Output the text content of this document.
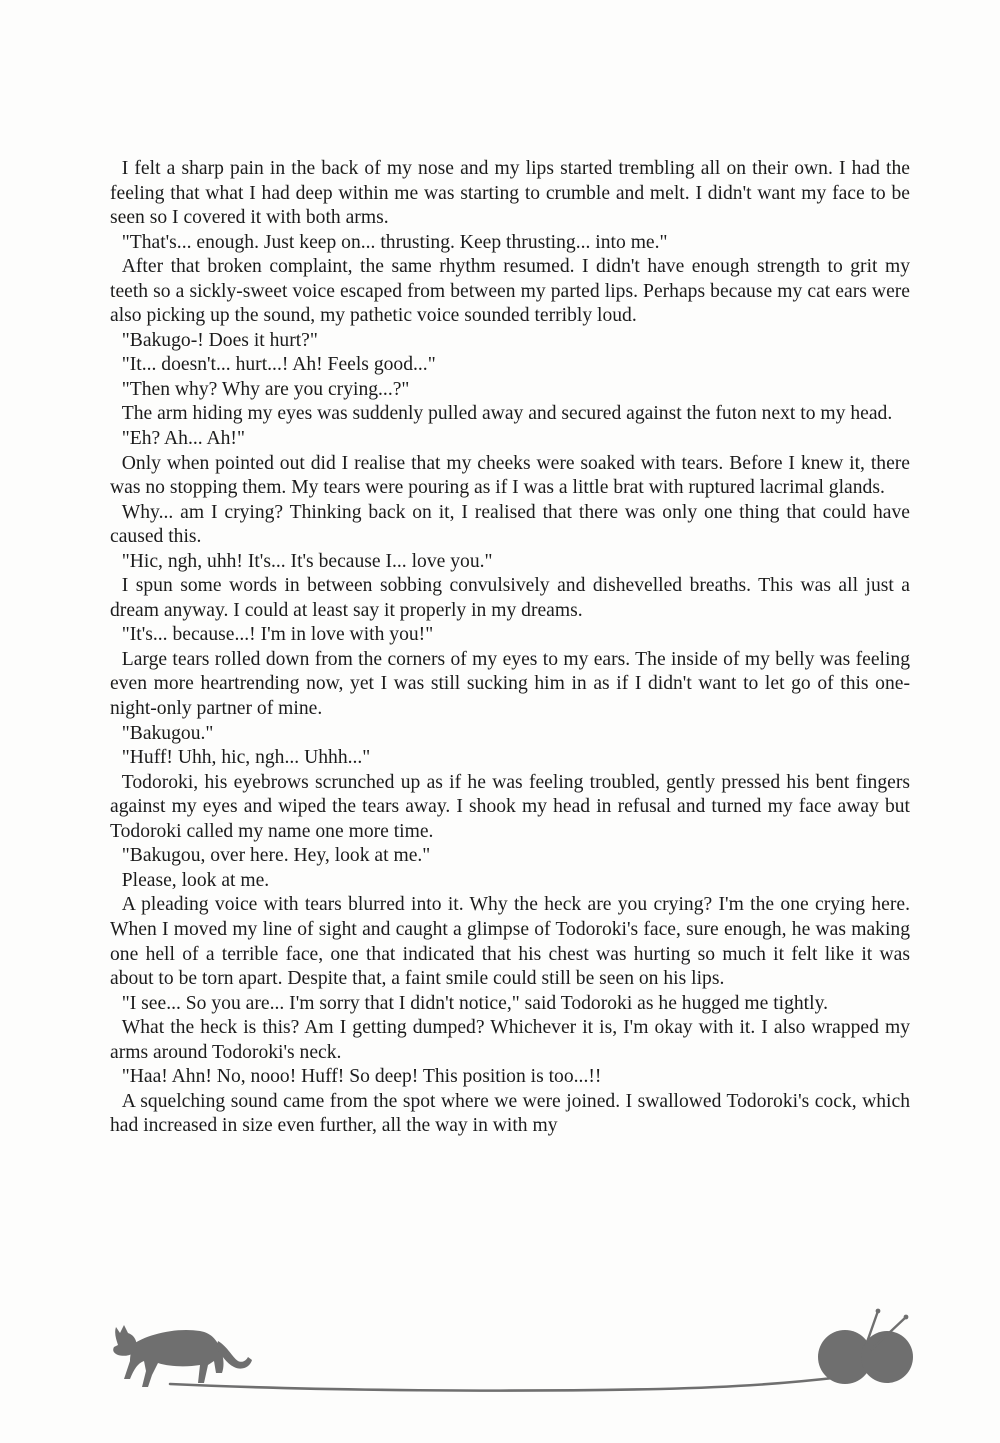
I felt a sharp pain in the back of my nose and my lips started trembling all on their own. I had the feeling that what I had deep within me was starting to crumble and melt. I didn't want my face to be seen so I covered it with both arms.

"That's... enough. Just keep on... thrusting. Keep thrusting... into me."

After that broken complaint, the same rhythm resumed. I didn't have enough strength to grit my teeth so a sickly-sweet voice escaped from between my parted lips. Perhaps because my cat ears were also picking up the sound, my pathetic voice sounded terribly loud.

"Bakugo-! Does it hurt?"

"It... doesn't... hurt...! Ah! Feels good..."

"Then why? Why are you crying...?"

The arm hiding my eyes was suddenly pulled away and secured against the futon next to my head.

"Eh? Ah... Ah!"

Only when pointed out did I realise that my cheeks were soaked with tears. Before I knew it, there was no stopping them. My tears were pouring as if I was a little brat with ruptured lacrimal glands.

Why... am I crying? Thinking back on it, I realised that there was only one thing that could have caused this.

"Hic, ngh, uhh! It's... It's because I... love you."

I spun some words in between sobbing convulsively and dishevelled breaths. This was all just a dream anyway. I could at least say it properly in my dreams.

"It's... because...! I'm in love with you!"

Large tears rolled down from the corners of my eyes to my ears. The inside of my belly was feeling even more heartrending now, yet I was still sucking him in as if I didn't want to let go of this one-night-only partner of mine.

"Bakugou."

"Huff! Uhh, hic, ngh... Uhhh..."

Todoroki, his eyebrows scrunched up as if he was feeling troubled, gently pressed his bent fingers against my eyes and wiped the tears away. I shook my head in refusal and turned my face away but Todoroki called my name one more time.

"Bakugou, over here. Hey, look at me."

Please, look at me.

A pleading voice with tears blurred into it. Why the heck are you crying? I'm the one crying here. When I moved my line of sight and caught a glimpse of Todoroki's face, sure enough, he was making one hell of a terrible face, one that indicated that his chest was hurting so much it felt like it was about to be torn apart. Despite that, a faint smile could still be seen on his lips.

"I see... So you are... I'm sorry that I didn't notice," said Todoroki as he hugged me tightly.

What the heck is this? Am I getting dumped? Whichever it is, I'm okay with it. I also wrapped my arms around Todoroki's neck.

"Haa! Ahn! No, nooo! Huff! So deep! This position is too...!!

A squelching sound came from the spot where we were joined. I swallowed Todoroki's cock, which had increased in size even further, all the way in with my
